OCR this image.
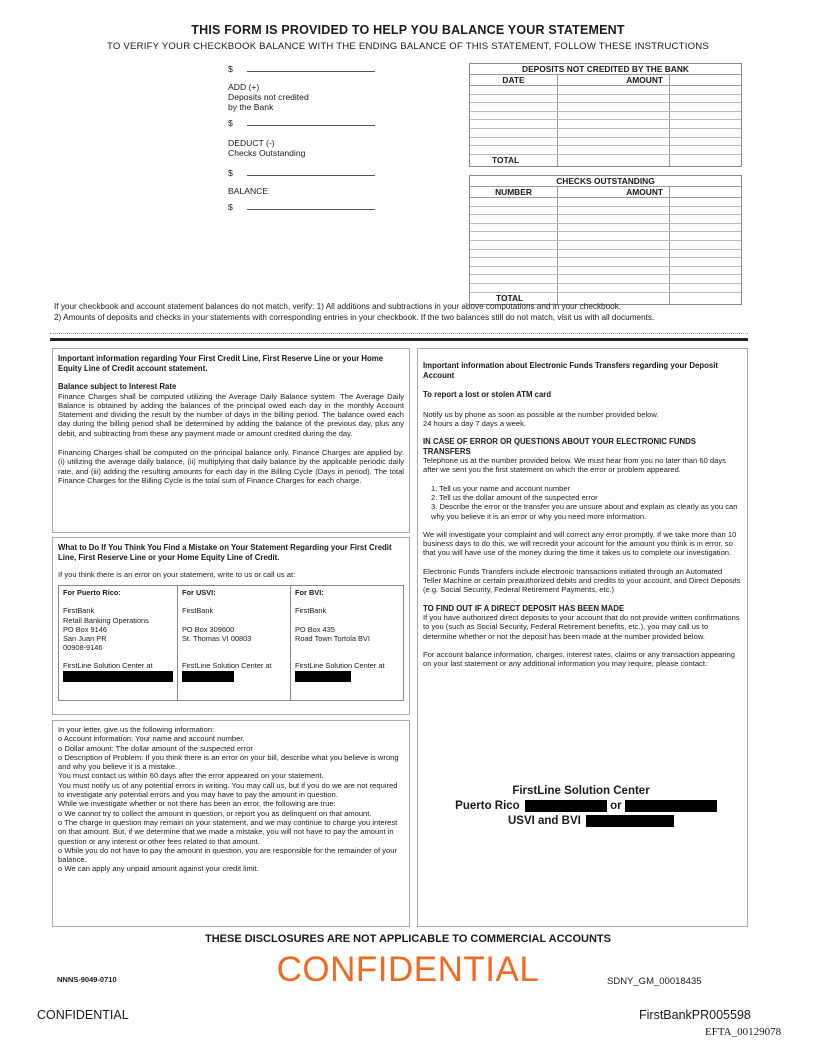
THIS FORM IS PROVIDED TO HELP YOU BALANCE YOUR STATEMENT
TO VERIFY YOUR CHECKBOOK BALANCE WITH THE ENDING BALANCE OF THIS STATEMENT, FOLLOW THESE INSTRUCTIONS
$
ADD (+)
Deposits not credited
by the Bank
$
DEDUCT (-)
Checks Outstanding
$
BALANCE
$
DEPOSITS NOT CREDITED BY THE BANK
DATE	AMOUNT
TOTAL
CHECKS OUTSTANDING
NUMBER	AMOUNT
TOTAL
If your checkbook and account statement balances do not match, verify: 1) All additions and subtractions in your above computations and in your checkbook.
2) Amounts of deposits and checks in your statements with corresponding entries in your checkbook. If the two balances still do not match, visit us with all documents.

Important information regarding Your First Credit Line, First Reserve Line or your Home Equity Line of Credit account statement.

Balance subject to Interest Rate

Finance Charges shall be computed utilizing the Average Daily Balance system. The Average Daily Balance is obtained by adding the balances of the principal owed each day in the monthly Account Statement and dividing the result by the number of days in the billing period. The balance owed each day during the billing period shall be determined by adding the balance of the previous day, plus any debit, and subtracting from these any payment made or amount credited during the day.

Financing Charges shall be computed on the principal balance only. Finance Charges are applied by: (i) utilizing the average daily balance, (ii) multiplying that daily balance by the applicable periodic daily rate, and (iii) adding the resulting amounts for each day in the Billing Cycle (Days in period). The total Finance Charges for the Billing Cycle is the total sum of Finance Charges for each charge.

What to Do If You Think You Find a Mistake on Your Statement Regarding your First Credit Line, First Reserve Line or your Home Equity Line of Credit.

If you think there is an error on your statement, write to us or call us at:

For Puerto Rico:

FirstBank
Retail Banking Operations
PO Box 9146
San Juan PR
00908-9146

FirstLine Solution Center at
For USVI:

FirstBank

PO Box 309600
St. Thomas VI 00803

FirstLine Solution Center at
For BVI:

FirstBank

PO Box 435
Road Town Tortola BVI

FirstLine Solution Center at

In your letter, give us the following information:

o Account information: Your name and account number.

o Dollar amount: The dollar amount of the suspected error

o Description of Problem: If you think there is an error on your bill, describe what you believe is wrong and why you believe it is a mistake.

You must contact us within 60 days after the error appeared on your statement.

You must notify us of any potential errors in writing. You may call us, but if you do we are not required to investigate any potential errors and you may have to pay the amount in question.

While we investigate whether or not there has been an error, the following are true:

o We cannot try to collect the amount in question, or report you as delinquent on that amount.

o The charge in question may remain on your statement, and we may continue to charge you interest on that amount. But, if we determine that we made a mistake, you will not have to pay the amount in question or any interest or other fees related to that amount.

o While you do not have to pay the amount in question, you are responsible for the remainder of your balance.

o We can apply any unpaid amount against your credit limit.

Important information about Electronic Funds Transfers regarding your Deposit Account

To report a lost or stolen ATM card

Notify us by phone as soon as possible at the number provided below.

24 hours a day 7 days a week.

IN CASE OF ERROR OR QUESTIONS ABOUT YOUR ELECTRONIC FUNDS TRANSFERS

Telephone us at the number provided below. We must hear from you no later than 60 days after we sent you the first statement on which the error or problem appeared.

1. Tell us your name and account number

2. Tell us the dollar amount of the suspected error

3. Describe the error or the transfer you are unsure about and explain as clearly as you can why you believe it is an error or why you need more information.

We will investigate your complaint and will correct any error promptly. If we take more than 10 business days to do this, we will recredit your account for the amount you think is in error, so that you will have use of the money during the time it takes us to complete our investigation.

Electronic Funds Transfers include electronic transactions initiated through an Automated Teller Machine or certain preauthorized debits and credits to your account, and Direct Deposits (e.g. Social Security, Federal Retirement Payments, etc.)

TO FIND OUT IF A DIRECT DEPOSIT HAS BEEN MADE

If you have authorized direct deposits to your account that do not provide written confirmations to you (such as Social Security, Federal Retirement benefits, etc.), you may call us to determine whether or not the deposit has been made at the number provided below.

For account balance information, charges, interest rates, claims or any transaction appearing on your last statement or any additional information you may require, please contact:

FirstLine Solution Center
Puerto Rico	or
USVI and BVI
THESE DISCLOSURES ARE NOT APPLICABLE TO COMMERCIAL ACCOUNTS
CONFIDENTIAL
NNNS-9049-0710	SDNY_GM_00018435
CONFIDENTIAL	FirstBankPR005598
EFTA_00129078
